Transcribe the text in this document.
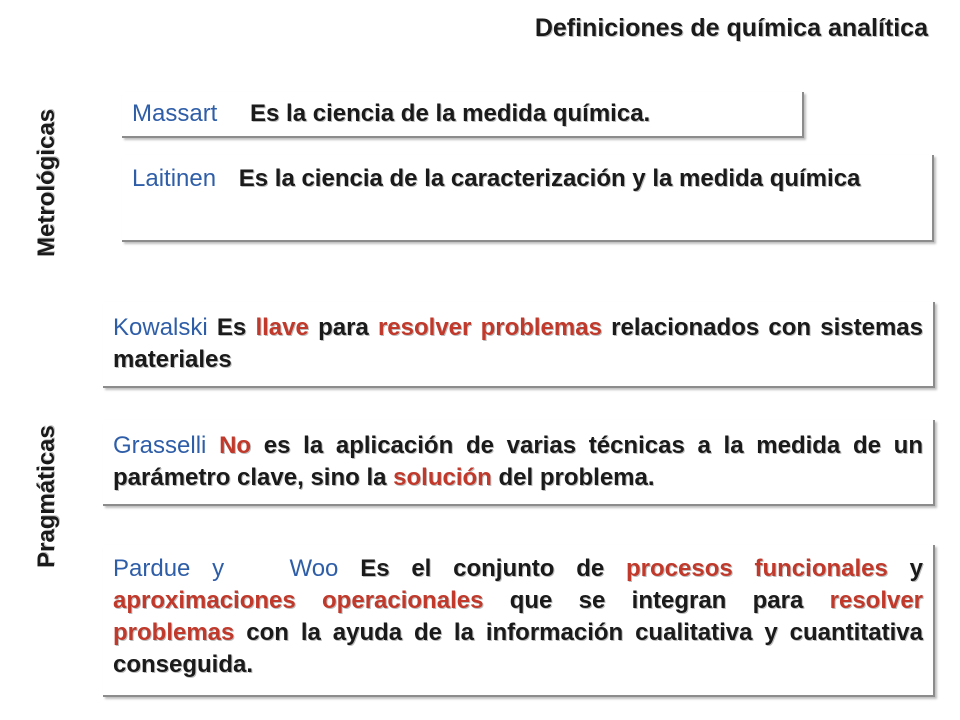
Definiciones de química analítica
Metrológicas
Pragmáticas
Massart Es la ciencia de la medida química.
Laitinen Es la ciencia de la caracterización y la medida química
Kowalski Es llave para resolver problemas relacionados con sistemas materiales
Grasselli No es la aplicación de varias técnicas a la medida de un parámetro clave, sino la solución del problema.
Pardue y   Woo Es el conjunto de procesos funcionales y aproximaciones operacionales que se integran para resolver problemas con la ayuda de la información cualitativa y cuantitativa conseguida.
